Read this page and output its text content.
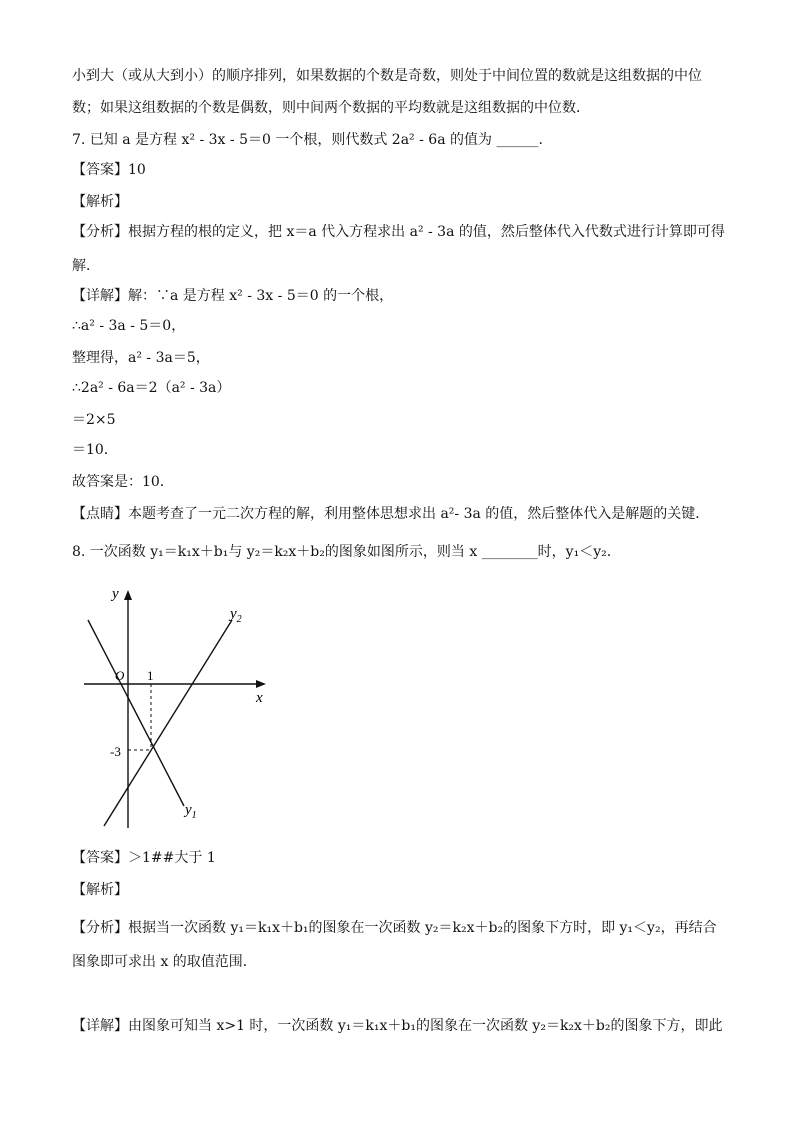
小到大（或从大到小）的顺序排列，如果数据的个数是奇数，则处于中间位置的数就是这组数据的中位
数；如果这组数据的个数是偶数，则中间两个数据的平均数就是这组数据的中位数．
7. 已知 a 是方程 x² - 3x - 5＝0 一个根，则代数式 2a² - 6a 的值为 ______.
【答案】10
【解析】
【分析】根据方程的根的定义，把 x＝a 代入方程求出 a² - 3a 的值，然后整体代入代数式进行计算即可得
解．
【详解】解：∵a 是方程 x² - 3x - 5＝0 的一个根，
∴a² - 3a - 5＝0，
整理得，a² - 3a＝5，
∴2a² - 6a＝2（a² - 3a）
＝2×5
＝10．
故答案是：10．
【点睛】本题考查了一元二次方程的解，利用整体思想求出 a²- 3a 的值，然后整体代入是解题的关键．
8. 一次函数 y₁＝k₁x＋b₁与 y₂＝k₂x＋b₂的图象如图所示，则当 x ________时，y₁＜y₂.
y
x
O 1
-3
$y_2$
$y_1$
【答案】＞1##大于 1
【解析】
【分析】根据当一次函数 y₁＝k₁x＋b₁的图象在一次函数 y₂＝k₂x＋b₂的图象下方时，即 y₁＜y₂，再结合
图象即可求出 x 的取值范围．
【详解】由图象可知当 x>1 时，一次函数 y₁＝k₁x＋b₁的图象在一次函数 y₂＝k₂x＋b₂的图象下方，即此
